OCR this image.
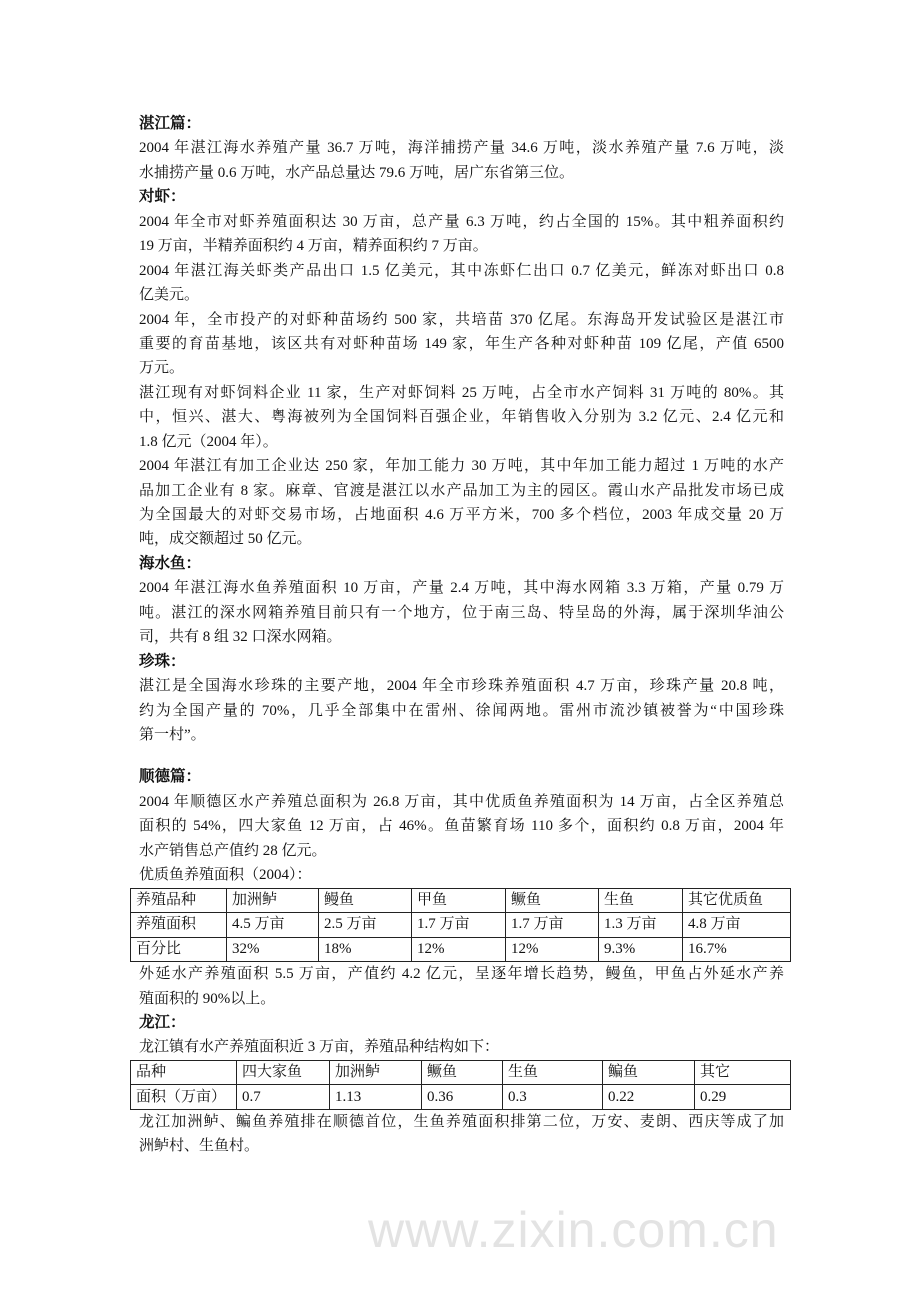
湛江篇：
2004 年湛江海水养殖产量 36.7 万吨，海洋捕捞产量 34.6 万吨，淡水养殖产量 7.6 万吨，淡
水捕捞产量 0.6 万吨，水产品总量达 79.6 万吨，居广东省第三位。
对虾：
2004 年全市对虾养殖面积达 30 万亩，总产量 6.3 万吨，约占全国的 15%。其中粗养面积约
19 万亩，半精养面积约 4 万亩，精养面积约 7 万亩。
2004 年湛江海关虾类产品出口 1.5 亿美元，其中冻虾仁出口 0.7 亿美元，鲜冻对虾出口 0.8
亿美元。
2004 年，全市投产的对虾种苗场约 500 家，共培苗 370 亿尾。东海岛开发试验区是湛江市
重要的育苗基地，该区共有对虾种苗场 149 家，年生产各种对虾种苗 109 亿尾，产值 6500
万元。
湛江现有对虾饲料企业 11 家，生产对虾饲料 25 万吨，占全市水产饲料 31 万吨的 80%。其
中，恒兴、湛大、粤海被列为全国饲料百强企业，年销售收入分别为 3.2 亿元、2.4 亿元和
1.8 亿元（2004 年）。
2004 年湛江有加工企业达 250 家，年加工能力 30 万吨，其中年加工能力超过 1 万吨的水产
品加工企业有 8 家。麻章、官渡是湛江以水产品加工为主的园区。霞山水产品批发市场已成
为全国最大的对虾交易市场，占地面积 4.6 万平方米，700 多个档位，2003 年成交量 20 万
吨，成交额超过 50 亿元。
海水鱼：
2004 年湛江海水鱼养殖面积 10 万亩，产量 2.4 万吨，其中海水网箱 3.3 万箱，产量 0.79 万
吨。湛江的深水网箱养殖目前只有一个地方，位于南三岛、特呈岛的外海，属于深圳华油公
司，共有 8 组 32 口深水网箱。
珍珠：
湛江是全国海水珍珠的主要产地，2004 年全市珍珠养殖面积 4.7 万亩，珍珠产量 20.8 吨，
约为全国产量的 70%，几乎全部集中在雷州、徐闻两地。雷州市流沙镇被誉为“中国珍珠
第一村”。
顺德篇：
2004 年顺德区水产养殖总面积为 26.8 万亩，其中优质鱼养殖面积为 14 万亩，占全区养殖总
面积的 54%，四大家鱼 12 万亩，占 46%。鱼苗繁育场 110 多个，面积约 0.8 万亩，2004 年
水产销售总产值约 28 亿元。
优质鱼养殖面积（2004）：
养殖品种	加洲鲈	鳗鱼	甲鱼	鳜鱼	生鱼	其它优质鱼
养殖面积	4.5 万亩	2.5 万亩	1.7 万亩	1.7 万亩	1.3 万亩	4.8 万亩
百分比	32%	18%	12%	12%	9.3%	16.7%
外延水产养殖面积 5.5 万亩，产值约 4.2 亿元，呈逐年增长趋势，鳗鱼，甲鱼占外延水产养
殖面积的 90%以上。
龙江：
龙江镇有水产养殖面积近 3 万亩，养殖品种结构如下：
品种	四大家鱼	加洲鲈	鳜鱼	生鱼	鳊鱼	其它
面积（万亩）	0.7	1.13	0.36	0.3	0.22	0.29
龙江加洲鲈、鳊鱼养殖排在顺德首位，生鱼养殖面积排第二位，万安、麦朗、西庆等成了加
洲鲈村、生鱼村。
www.zixin.com.cn
